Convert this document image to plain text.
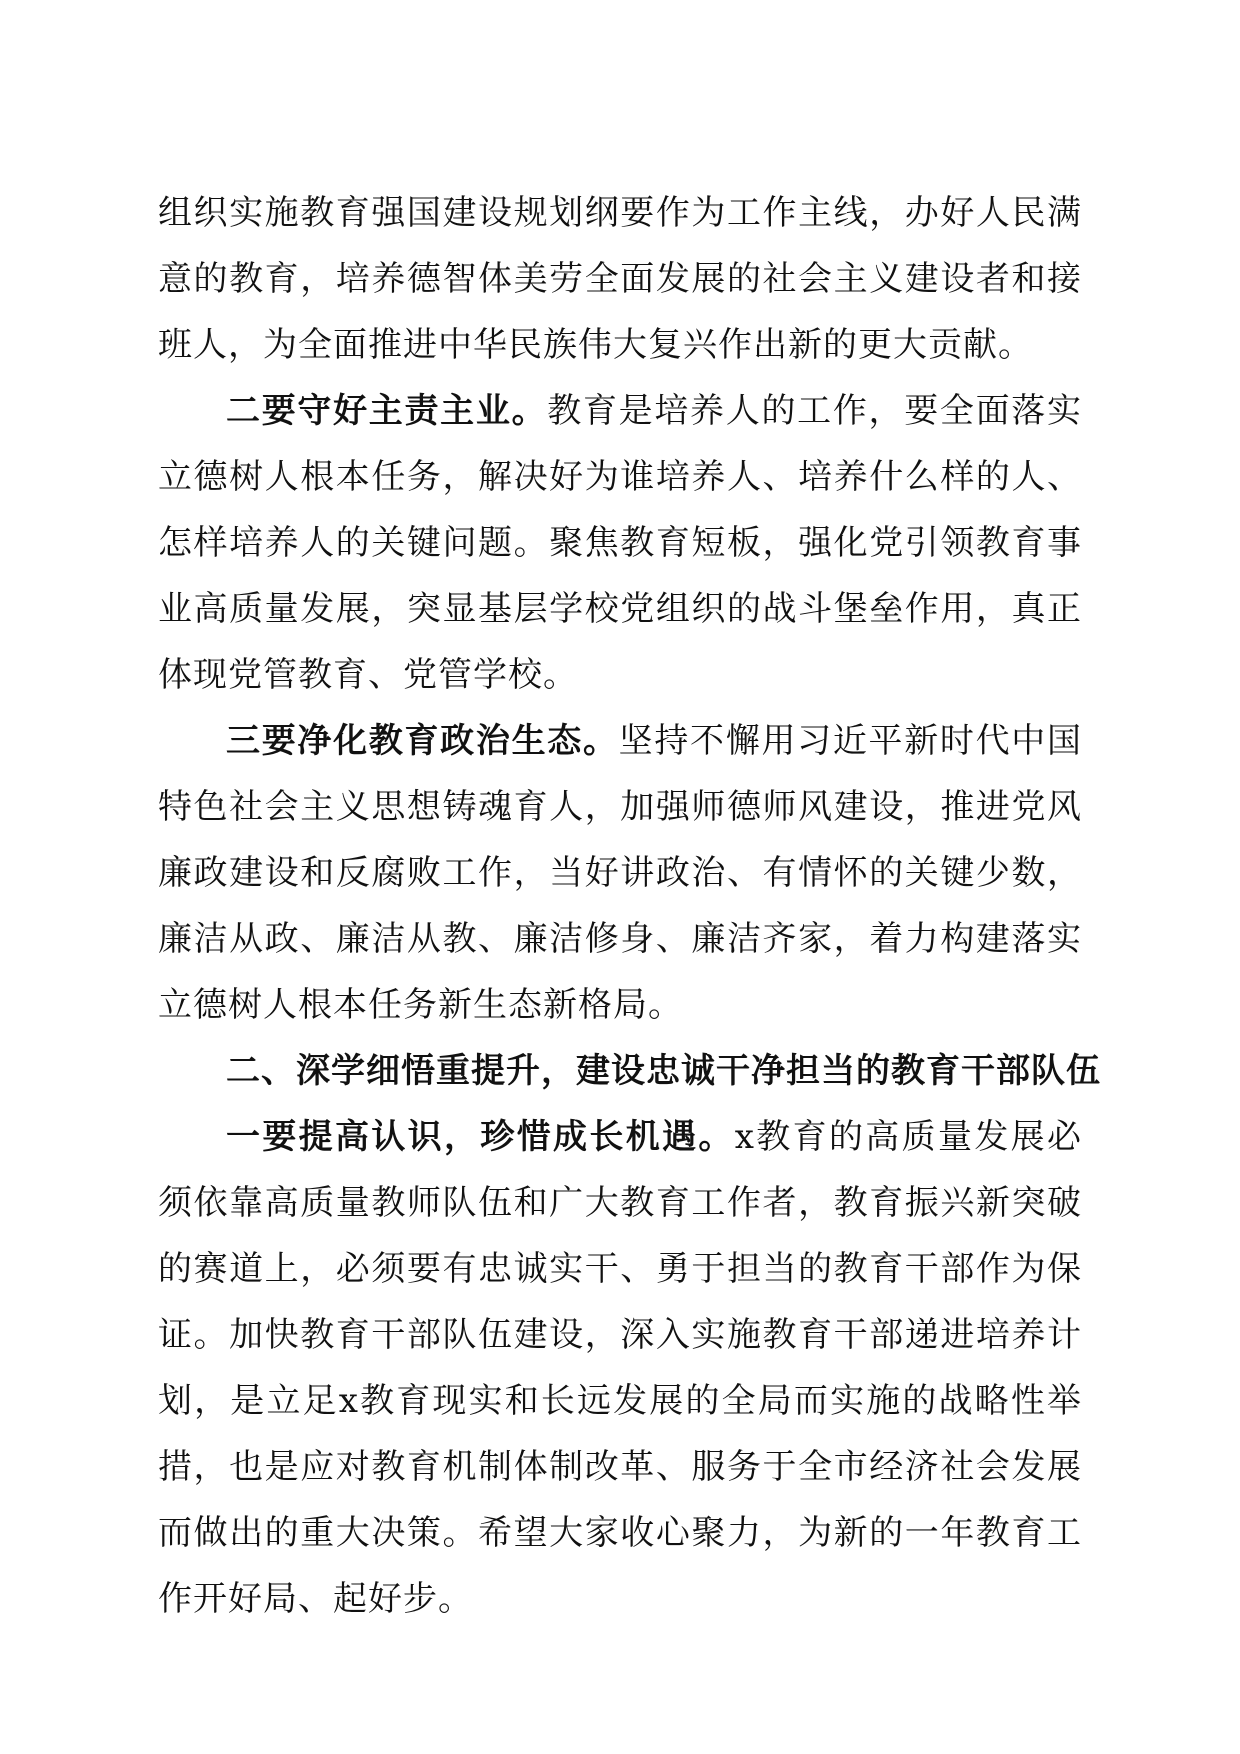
组织实施教育强国建设规划纲要作为工作主线，办好人民满意的教育，培养德智体美劳全面发展的社会主义建设者和接班人，为全面推进中华民族伟大复兴作出新的更大贡献。

二要守好主责主业。教育是培养人的工作，要全面落实立德树人根本任务，解决好为谁培养人、培养什么样的人、怎样培养人的关键问题。聚焦教育短板，强化党引领教育事业高质量发展，突显基层学校党组织的战斗堡垒作用，真正体现党管教育、党管学校。

三要净化教育政治生态。坚持不懈用习近平新时代中国特色社会主义思想铸魂育人，加强师德师风建设，推进党风廉政建设和反腐败工作，当好讲政治、有情怀的关键少数，廉洁从政、廉洁从教、廉洁修身、廉洁齐家，着力构建落实立德树人根本任务新生态新格局。

二、深学细悟重提升，建设忠诚干净担当的教育干部队伍

一要提高认识，珍惜成长机遇。x教育的高质量发展必须依靠高质量教师队伍和广大教育工作者，教育振兴新突破的赛道上，必须要有忠诚实干、勇于担当的教育干部作为保证。加快教育干部队伍建设，深入实施教育干部递进培养计划，是立足x教育现实和长远发展的全局而实施的战略性举措，也是应对教育机制体制改革、服务于全市经济社会发展而做出的重大决策。希望大家收心聚力，为新的一年教育工作开好局、起好步。
